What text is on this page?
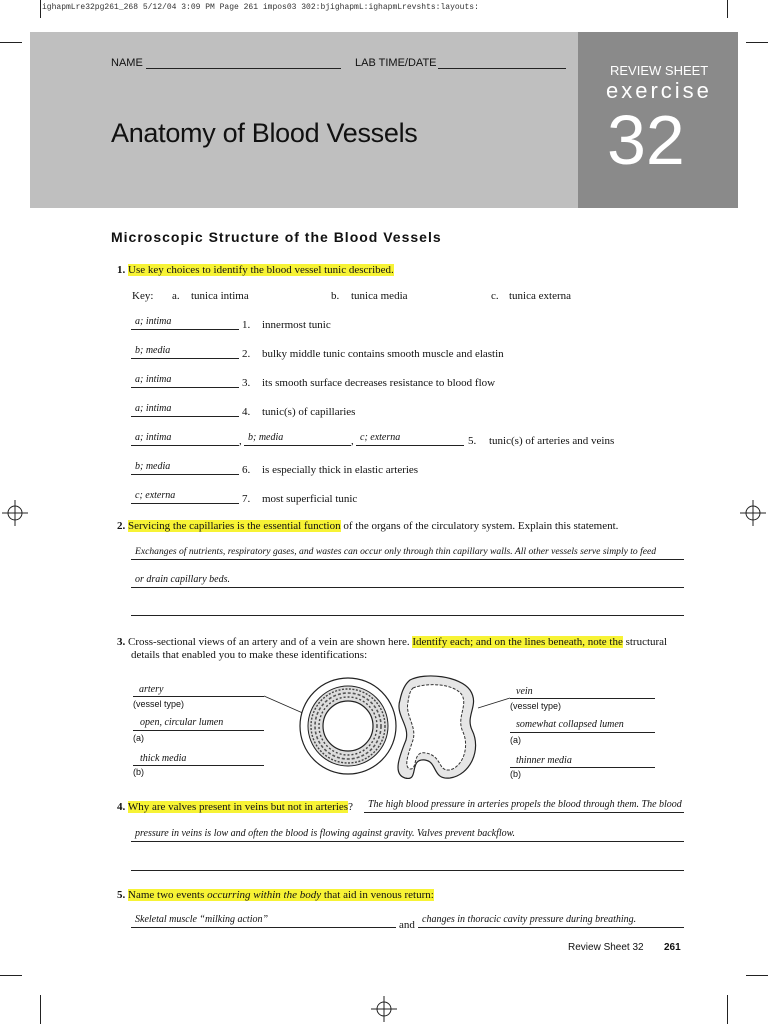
ighapmLre32pg261_268 5/12/04 3:09 PM Page 261 impos03 302:bjighapmL:ighapmLrevshts:layouts:
NAME	LAB TIME/DATE
Anatomy of Blood Vessels
REVIEW SHEET
exercise
32
Microscopic Structure of the Blood Vessels
1. Use key choices to identify the blood vessel tunic described.
Key: a. tunica intima	b. tunica media	c. tunica externa
a; intima	1. innermost tunic
b; media	2. bulky middle tunic contains smooth muscle and elastin
a; intima	3. its smooth surface decreases resistance to blood flow
a; intima	4. tunic(s) of capillaries
a; intima	, b; media	, c; externa	5. tunic(s) of arteries and veins
b; media	6. is especially thick in elastic arteries
c; externa	7. most superficial tunic
2. Servicing the capillaries is the essential function of the organs of the circulatory system. Explain this statement.
Exchanges of nutrients, respiratory gases, and wastes can occur only through thin capillary walls. All other vessels serve simply to feed
or drain capillary beds.
3. Cross-sectional views of an artery and of a vein are shown here. Identify each; and on the lines beneath, note the structural
details that enabled you to make these identifications:
artery
(vessel type)
open, circular lumen
(a)
thick media
(b)
vein
(vessel type)
somewhat collapsed lumen
(a)
thinner media
(b)
4. Why are valves present in veins but not in arteries? The high blood pressure in arteries propels the blood through them. The blood
pressure in veins is low and often the blood is flowing against gravity. Valves prevent backflow.
5. Name two events occurring within the body that aid in venous return:
Skeletal muscle “milking action”	and changes in thoracic cavity pressure during breathing.
Review Sheet 32 261
